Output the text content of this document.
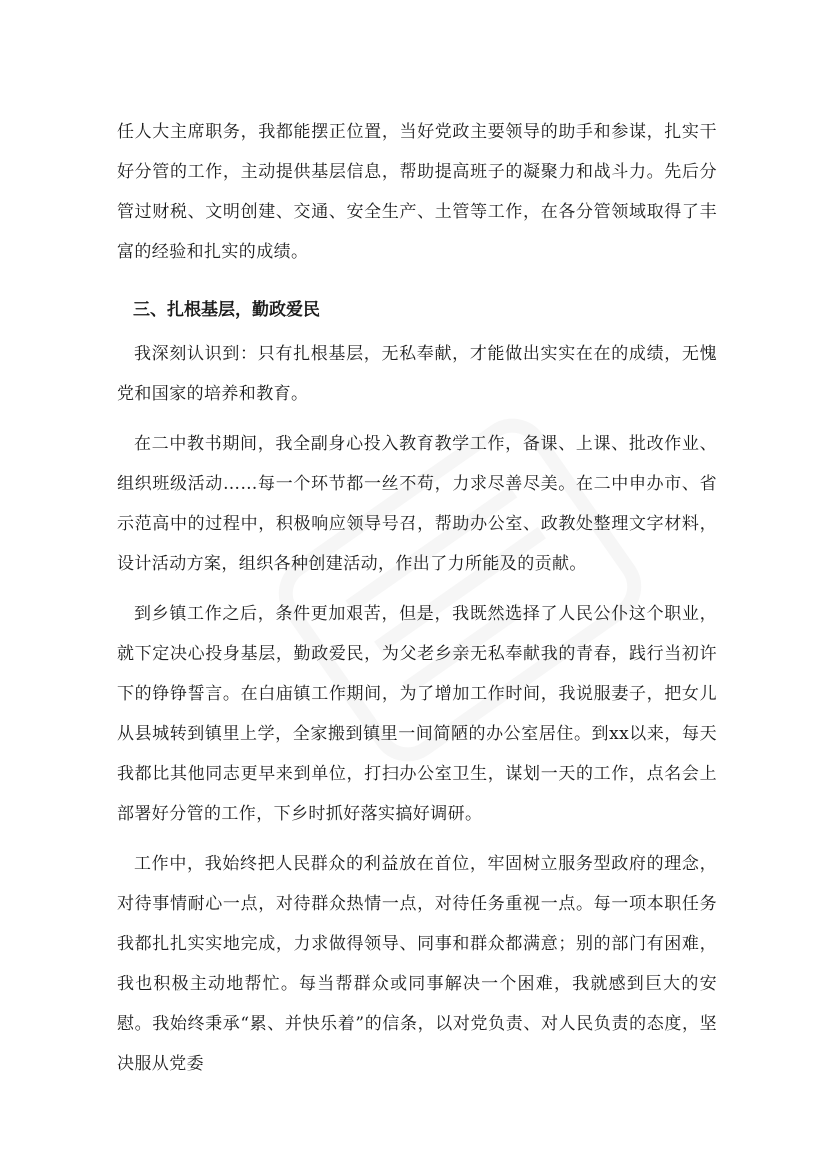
任人大主席职务，我都能摆正位置，当好党政主要领导的助手和参谋，扎实干好分管的工作，主动提供基层信息，帮助提高班子的凝聚力和战斗力。先后分管过财税、文明创建、交通、安全生产、土管等工作，在各分管领域取得了丰富的经验和扎实的成绩。

三、扎根基层，勤政爱民

我深刻认识到：只有扎根基层，无私奉献，才能做出实实在在的成绩，无愧党和国家的培养和教育。

在二中教书期间，我全副身心投入教育教学工作，备课、上课、批改作业、组织班级活动……每一个环节都一丝不苟，力求尽善尽美。在二中申办市、省示范高中的过程中，积极响应领导号召，帮助办公室、政教处整理文字材料，设计活动方案，组织各种创建活动，作出了力所能及的贡献。

到乡镇工作之后，条件更加艰苦，但是，我既然选择了人民公仆这个职业，就下定决心投身基层，勤政爱民，为父老乡亲无私奉献我的青春，践行当初许下的铮铮誓言。在白庙镇工作期间，为了增加工作时间，我说服妻子，把女儿从县城转到镇里上学，全家搬到镇里一间简陋的办公室居住。到xx以来，每天我都比其他同志更早来到单位，打扫办公室卫生，谋划一天的工作，点名会上部署好分管的工作，下乡时抓好落实搞好调研。

工作中，我始终把人民群众的利益放在首位，牢固树立服务型政府的理念，对待事情耐心一点，对待群众热情一点，对待任务重视一点。每一项本职任务我都扎扎实实地完成，力求做得领导、同事和群众都满意；别的部门有困难，我也积极主动地帮忙。每当帮群众或同事解决一个困难，我就感到巨大的安慰。我始终秉承“累、并快乐着”的信条，以对党负责、对人民负责的态度，坚决服从党委
